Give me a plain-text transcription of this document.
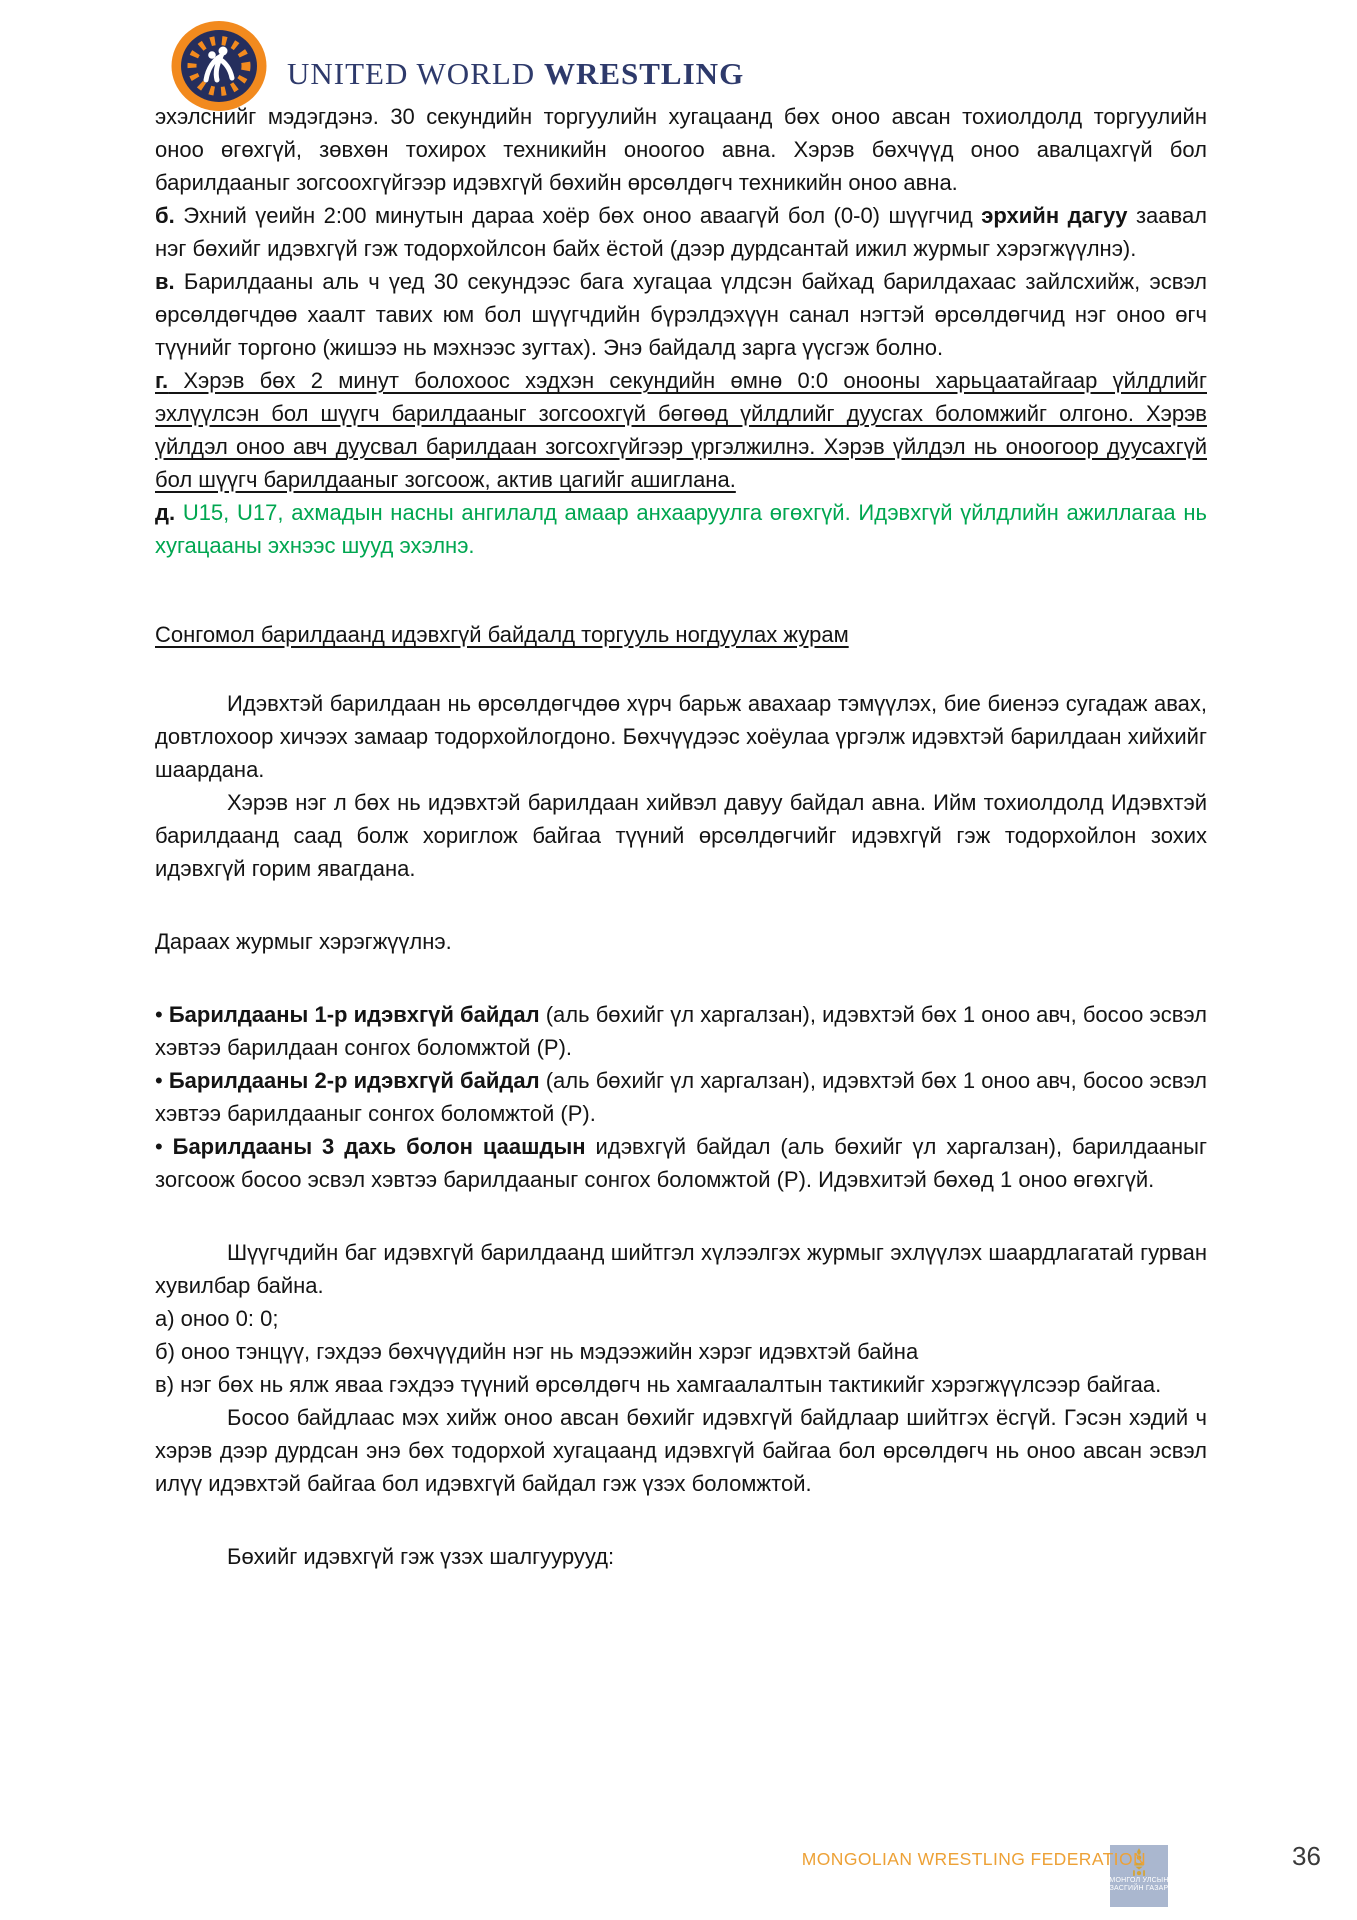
UNITED WORLD WRESTLING

эхэлснийг мэдэгдэнэ. 30 секундийн торгуулийн хугацаанд бөх оноо авсан тохиолдолд торгуулийн оноо өгөхгүй, зөвхөн тохирох техникийн оноогоо авна. Хэрэв бөхчүүд оноо авалцахгүй бол барилдааныг зогсоохгүйгээр идэвхгүй бөхийн өрсөлдөгч техникийн оноо авна.

б. Эхний үеийн 2:00 минутын дараа хоёр бөх оноо аваагүй бол (0-0) шүүгчид эрхийн дагуу заавал нэг бөхийг идэвхгүй гэж тодорхойлсон байх ёстой (дээр дурдсантай ижил журмыг хэрэгжүүлнэ).

в. Барилдааны аль ч үед 30 секундээс бага хугацаа үлдсэн байхад барилдахаас зайлсхийж, эсвэл өрсөлдөгчдөө хаалт тавих юм бол шүүгчдийн бүрэлдэхүүн санал нэгтэй өрсөлдөгчид нэг оноо өгч түүнийг торгоно (жишээ нь мэхнээс зугтах). Энэ байдалд зарга үүсгэж болно.

г. Хэрэв бөх 2 минут болохоос хэдхэн секундийн өмнө 0:0 онооны харьцаатайгаар үйлдлийг эхлүүлсэн бол шүүгч барилдааныг зогсоохгүй бөгөөд үйлдлийг дуусгах боломжийг олгоно. Хэрэв үйлдэл оноо авч дуусвал барилдаан зогсохгүйгээр үргэлжилнэ. Хэрэв үйлдэл нь оноогоор дуусахгүй бол шүүгч барилдааныг зогсоож, актив цагийг ашиглана.

д. U15, U17, ахмадын насны ангилалд амаар анхааруулга өгөхгүй. Идэвхгүй үйлдлийн ажиллагаа нь хугацааны эхнээс шууд эхэлнэ.

Сонгомол барилдаанд идэвхгүй байдалд торгууль ногдуулах журам

Идэвхтэй барилдаан нь өрсөлдөгчдөө хүрч барьж авахаар тэмүүлэх, бие биенээ сугадаж авах, довтлохоор хичээх замаар тодорхойлогдоно. Бөхчүүдээс хоёулаа үргэлж идэвхтэй барилдаан хийхийг шаардана.

Хэрэв нэг л бөх нь идэвхтэй барилдаан хийвэл давуу байдал авна. Ийм тохиолдолд Идэвхтэй барилдаанд саад болж хориглож байгаа түүний өрсөлдөгчийг идэвхгүй гэж тодорхойлон зохих идэвхгүй горим явагдана.

Дараах журмыг хэрэгжүүлнэ.

• Барилдааны 1-р идэвхгүй байдал (аль бөхийг үл харгалзан), идэвхтэй бөх 1 оноо авч, босоо эсвэл хэвтээ барилдаан сонгох боломжтой (Р).

• Барилдааны 2-р идэвхгүй байдал (аль бөхийг үл харгалзан), идэвхтэй бөх 1 оноо авч, босоо эсвэл хэвтээ барилдааныг сонгох боломжтой (Р).

• Барилдааны 3 дахь болон цаашдын идэвхгүй байдал (аль бөхийг үл харгалзан), барилдааныг зогсоож босоо эсвэл хэвтээ барилдааныг сонгох боломжтой (Р). Идэвхитэй бөхөд 1 оноо өгөхгүй.

Шүүгчдийн баг идэвхгүй барилдаанд шийтгэл хүлээлгэх журмыг эхлүүлэх шаардлагатай гурван хувилбар байна.

а) оноо 0: 0;

б) оноо тэнцүү, гэхдээ бөхчүүдийн нэг нь мэдээжийн хэрэг идэвхтэй байна

в) нэг бөх нь ялж яваа гэхдээ түүний өрсөлдөгч нь хамгаалалтын тактикийг хэрэгжүүлсээр байгаа.

Босоо байдлаас мэх хийж оноо авсан бөхийг идэвхгүй байдлаар шийтгэх ёсгүй. Гэсэн хэдий ч хэрэв дээр дурдсан энэ бөх тодорхой хугацаанд идэвхгүй байгаа бол өрсөлдөгч нь оноо авсан эсвэл илүү идэвхтэй байгаа бол идэвхгүй байдал гэж үзэх боломжтой.

Бөхийг идэвхгүй гэж үзэх шалгуурууд:

MONGOLIAN WRESTLING FEDERATION	36
МОНГОЛ УЛСЫН
ЗАСГИЙН ГАЗАР
